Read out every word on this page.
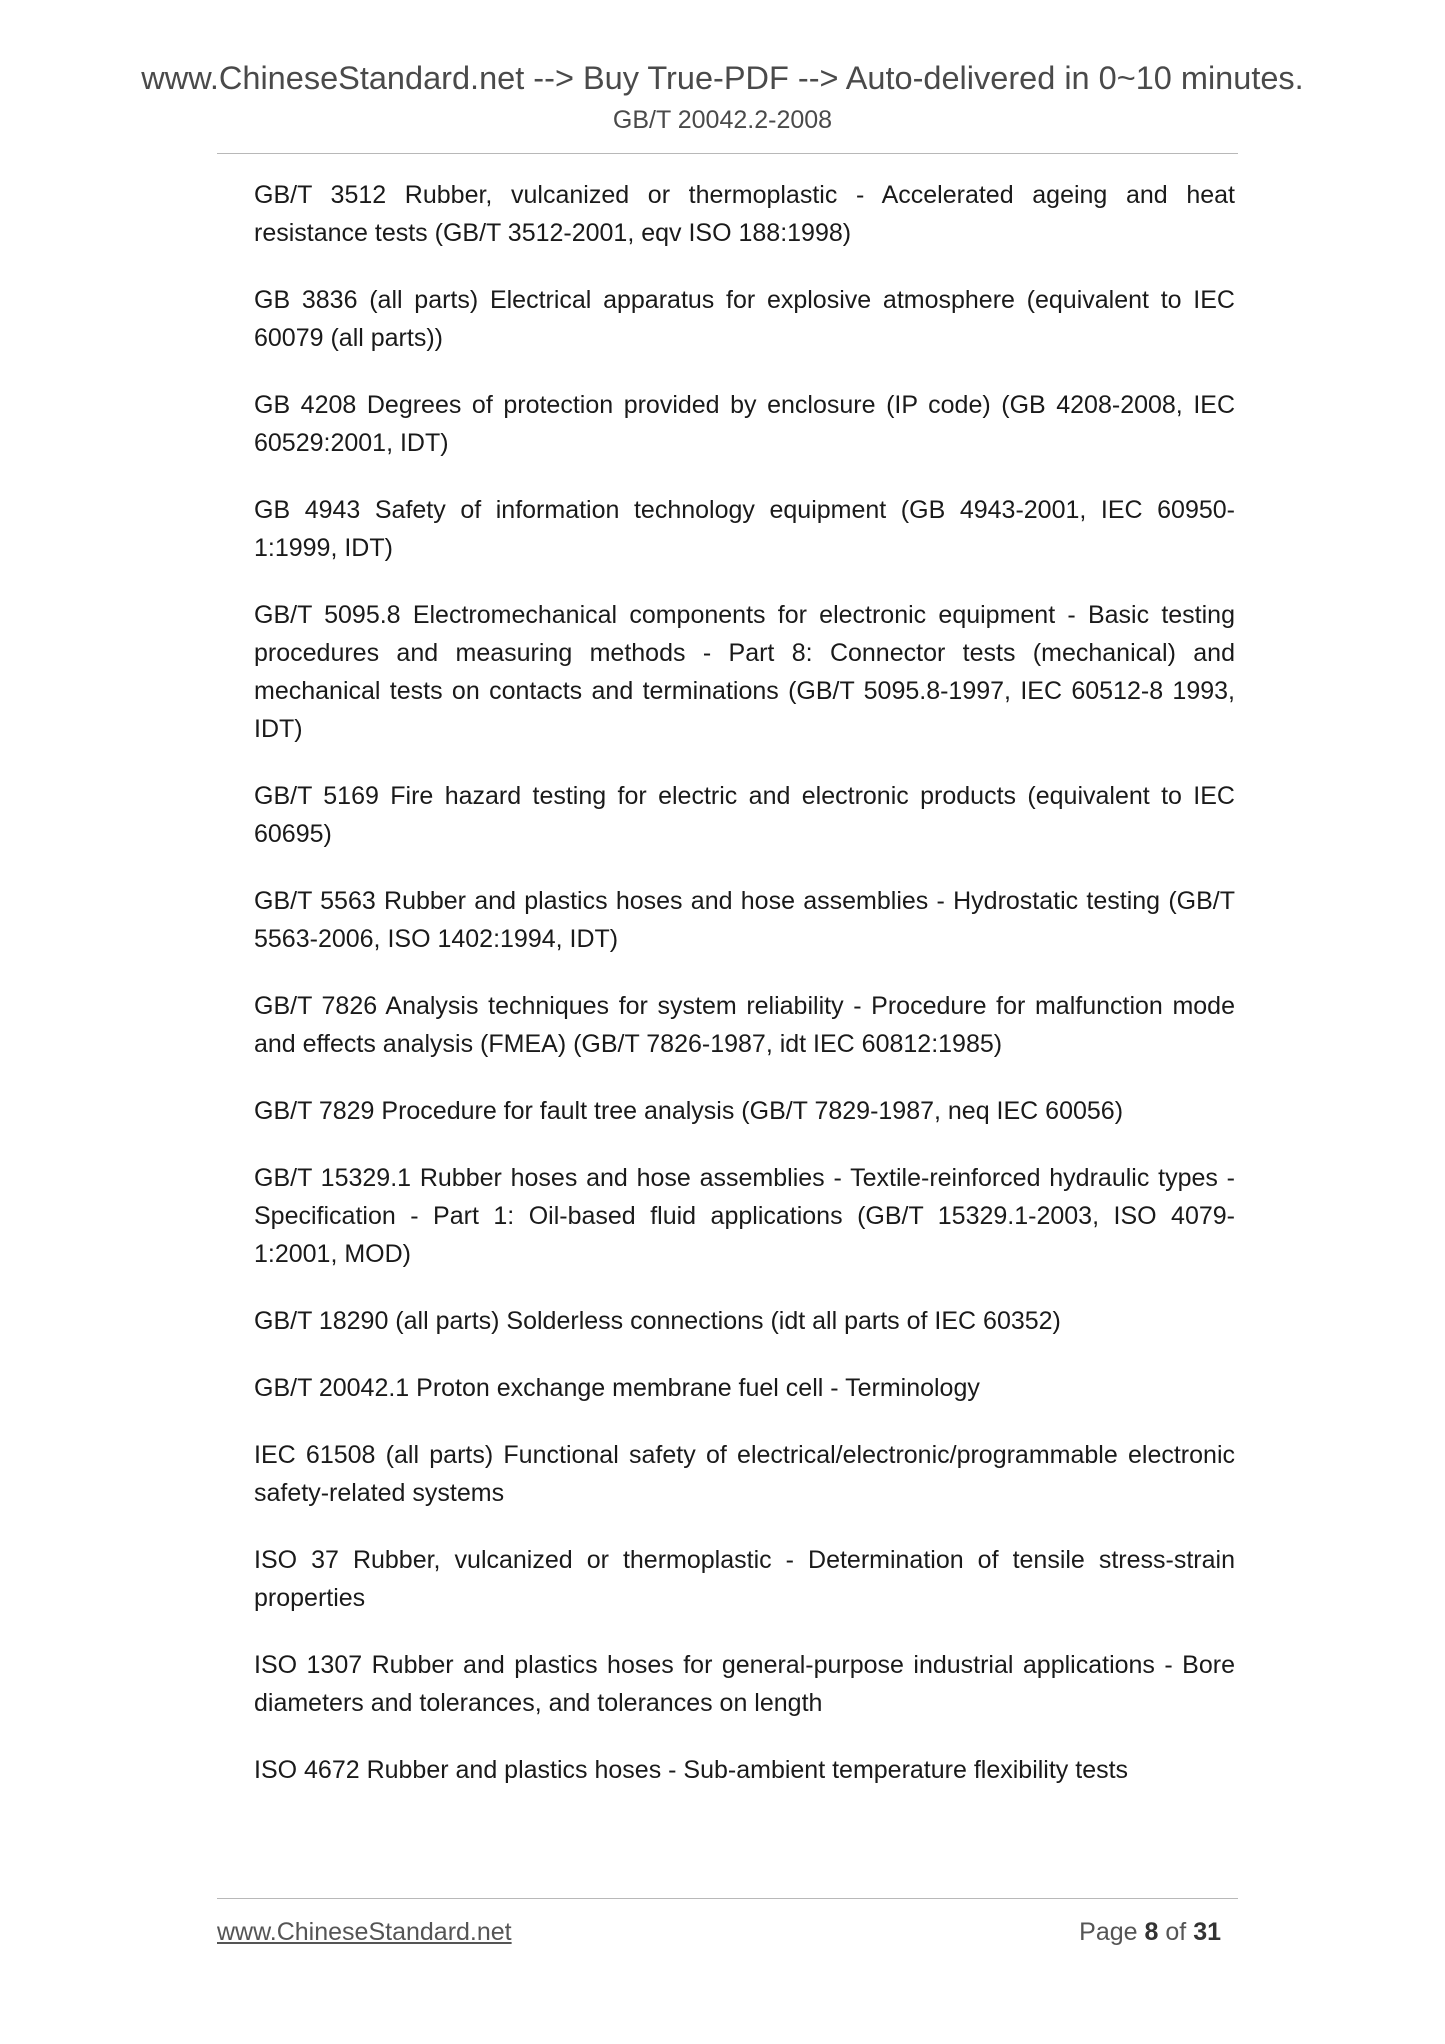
www.ChineseStandard.net --> Buy True-PDF --> Auto-delivered in 0~10 minutes.
GB/T 20042.2-2008
GB/T 3512 Rubber, vulcanized or thermoplastic - Accelerated ageing and heat resistance tests (GB/T 3512-2001, eqv ISO 188:1998)
GB 3836 (all parts) Electrical apparatus for explosive atmosphere (equivalent to IEC 60079 (all parts))
GB 4208 Degrees of protection provided by enclosure (IP code) (GB 4208-2008, IEC 60529:2001, IDT)
GB 4943 Safety of information technology equipment (GB 4943-2001, IEC 60950-1:1999, IDT)
GB/T 5095.8 Electromechanical components for electronic equipment - Basic testing procedures and measuring methods - Part 8: Connector tests (mechanical) and mechanical tests on contacts and terminations (GB/T 5095.8-1997, IEC 60512-8 1993, IDT)
GB/T 5169 Fire hazard testing for electric and electronic products (equivalent to IEC 60695)
GB/T 5563 Rubber and plastics hoses and hose assemblies - Hydrostatic testing (GB/T 5563-2006, ISO 1402:1994, IDT)
GB/T 7826 Analysis techniques for system reliability - Procedure for malfunction mode and effects analysis (FMEA) (GB/T 7826-1987, idt IEC 60812:1985)
GB/T 7829 Procedure for fault tree analysis (GB/T 7829-1987, neq IEC 60056)
GB/T 15329.1 Rubber hoses and hose assemblies - Textile-reinforced hydraulic types - Specification - Part 1: Oil-based fluid applications (GB/T 15329.1-2003, ISO 4079-1:2001, MOD)
GB/T 18290 (all parts) Solderless connections (idt all parts of IEC 60352)
GB/T 20042.1 Proton exchange membrane fuel cell - Terminology
IEC 61508 (all parts) Functional safety of electrical/electronic/programmable electronic safety-related systems
ISO 37 Rubber, vulcanized or thermoplastic - Determination of tensile stress-strain properties
ISO 1307 Rubber and plastics hoses for general-purpose industrial applications - Bore diameters and tolerances, and tolerances on length
ISO 4672 Rubber and plastics hoses - Sub-ambient temperature flexibility tests
www.ChineseStandard.net	Page 8 of 31
